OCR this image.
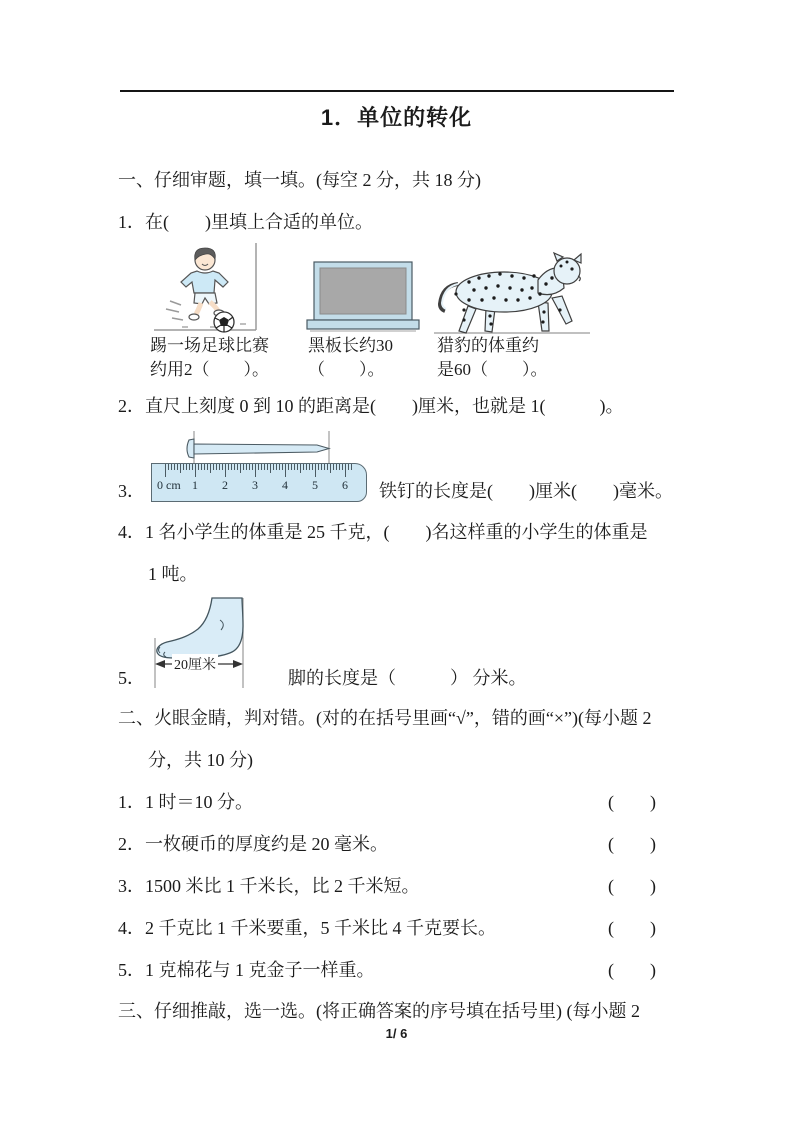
1．单位的转化
一、仔细审题，填一填。(每空 2 分，共 18 分)
1．在(　　)里填上合适的单位。
踢一场足球比赛
约用2（　　）。
黑板长约30
（　　）。
猎豹的体重约
是60（　　）。
2．直尺上刻度 0 到 10 的距离是(　　)厘米，也就是 1(　　　)。
0 cm 1	2	3	4	5	6
3．	铁钉的长度是(　　)厘米(　　)毫米。
4．1 名小学生的体重是 25 千克，(　　)名这样重的小学生的体重是
1 吨。
20厘米
5．	脚的长度是（　　　） 分米。
二、火眼金睛，判对错。(对的在括号里画“√”，错的画“×”)(每小题 2
分，共 10 分)
1．1 时＝10 分。	(　　)
2．一枚硬币的厚度约是 20 毫米。	(　　)
3．1500 米比 1 千米长，比 2 千米短。	(　　)
4．2 千克比 1 千米要重，5 千米比 4 千克要长。	(　　)
5．1 克棉花与 1 克金子一样重。	(　　)
三、仔细推敲，选一选。(将正确答案的序号填在括号里) (每小题 2
1/ 6
